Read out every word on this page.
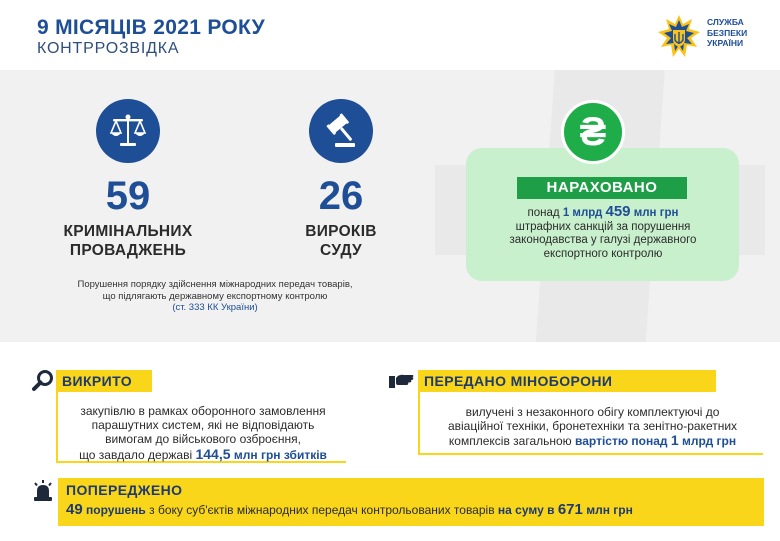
9 МІСЯЦІВ 2021 РОКУ
КОНТРРОЗВІДКА
СЛУЖБА
БЕЗПЕКИ
УКРАЇНИ
59
КРИМІНАЛЬНИХ
ПРОВАДЖЕНЬ
26
ВИРОКІВ
СУДУ
Порушення порядку здійснення міжнародних передач товарів,
що підлягають державному експортному контролю
(ст. 333 КК України)
₴
НАРАХОВАНО
понад 1 млрд 459 млн грн
штрафних санкцій за порушення
законодавства у галузі державного
експортного контролю
ВИКРИТО
закупівлю в рамках оборонного замовлення
парашутних систем, які не відповідають
вимогам до військового озброєння,
що завдало державі 144,5 млн грн збитків
ПЕРЕДАНО МІНОБОРОНИ
вилучені з незаконного обігу комплектуючі до
авіаційної техніки, бронетехніки та зенітно-ракетних
комплексів загальною вартістю понад 1 млрд грн
ПОПЕРЕДЖЕНО
49 порушень з боку суб'єктів міжнародних передач контрольованих товарів на суму в 671 млн грн
